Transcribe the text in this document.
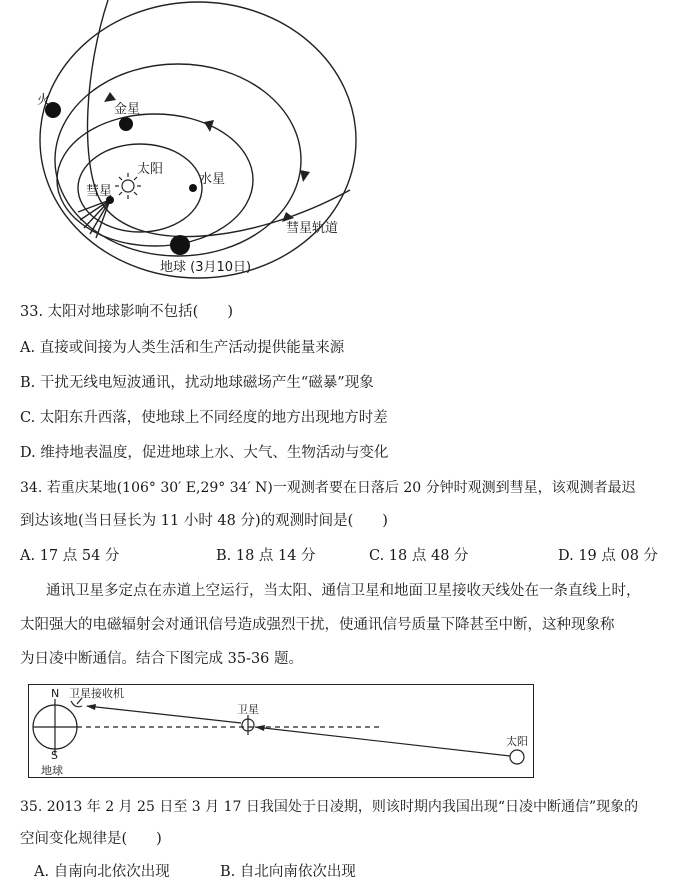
火
金星
太阳
水星
彗星
彗星轨道
地球 (3月10日)
33. 太阳对地球影响不包括(　　)
A. 直接或间接为人类生活和生产活动提供能量来源
B. 干扰无线电短波通讯，扰动地球磁场产生“磁暴”现象
C. 太阳东升西落，使地球上不同经度的地方出现地方时差
D. 维持地表温度，促进地球上水、大气、生物活动与变化
34. 若重庆某地(106° 30′ E,29° 34′ N)一观测者要在日落后 20 分钟时观测到彗星，该观测者最迟
到达该地(当日昼长为 11 小时 48 分)的观测时间是(　　)
A. 17 点 54 分	B. 18 点 14 分	C. 18 点 48 分	D. 19 点 08 分
通讯卫星多定点在赤道上空运行，当太阳、通信卫星和地面卫星接收天线处在一条直线上时，
太阳强大的电磁辐射会对通讯信号造成强烈干扰，使通讯信号质量下降甚至中断，这种现象称
为日凌中断通信。结合下图完成 35-36 题。
N 卫星接收机
卫星
太阳
S
地球
35. 2013 年 2 月 25 日至 3 月 17 日我国处于日凌期，则该时期内我国出现“日凌中断通信”现象的
空间变化规律是(　　)
A. 自南向北依次出现	B. 自北向南依次出现
